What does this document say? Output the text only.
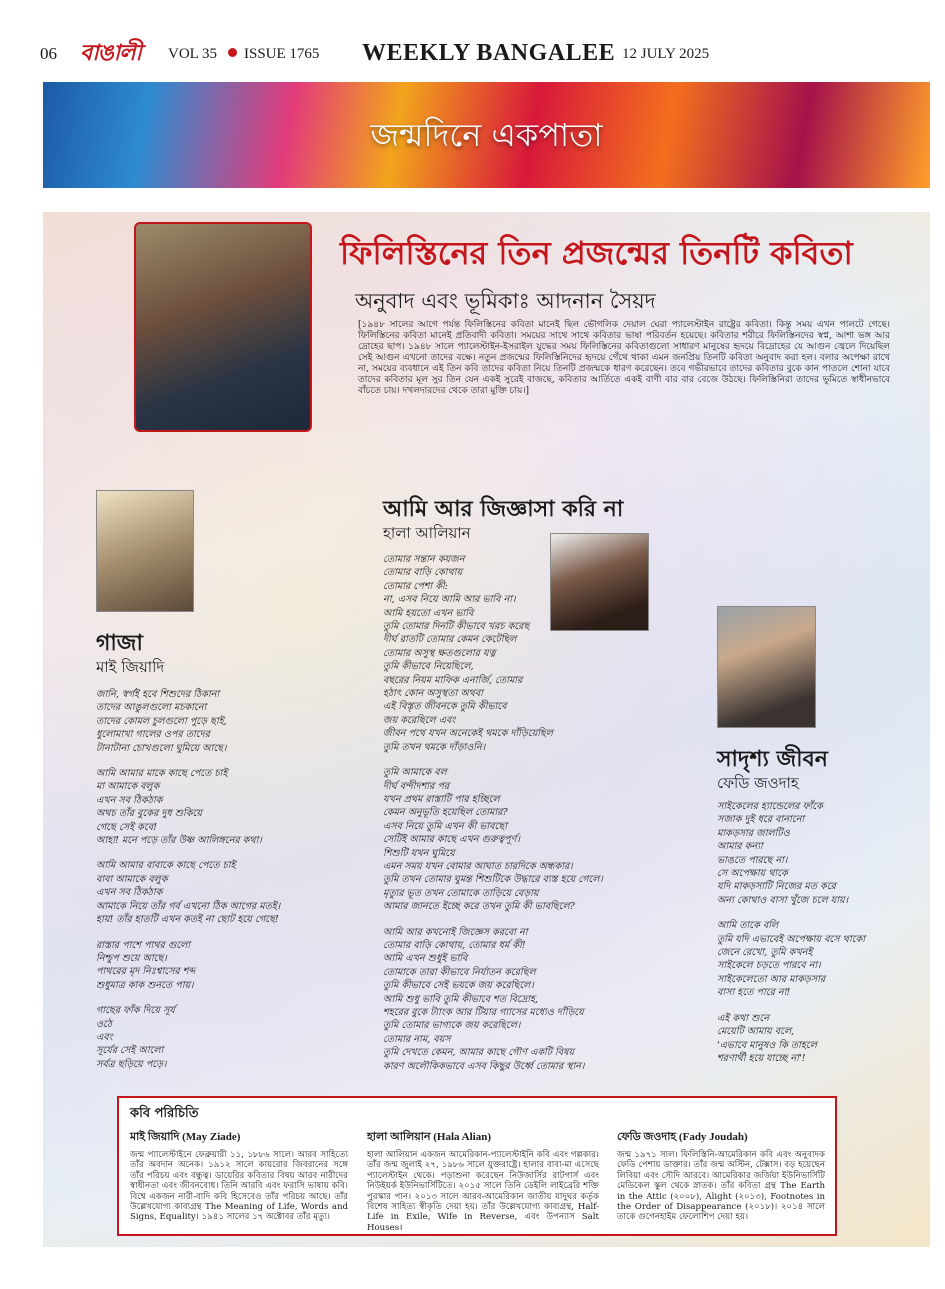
06 বাঙালী	VOL 35 ISSUE 1765 WEEKLY BANGALEE 12 JULY 2025
জন্মদিনে একপাতা
ফিলিস্তিনের তিন প্রজন্মের তিনটি কবিতা
অনুবাদ এবং ভূমিকাঃ আদনান সৈয়দ
[১৯৪৮ সালের আগে পর্যন্ত ফিলিস্তিনের কবিতা মানেই ছিল ভৌগলিক দেয়াল ঘেরা প্যালেস্টাইন রাষ্ট্রের কবিতা। কিন্তু সময় এখন পালটে গেছে। ফিলিস্তিনের কবিতা মানেই প্রতিবাদী কবিতা। সময়ের সাথে সাথে কবিতার ভাষা পরিবর্তন হয়েছে। কবিতার শরীরে ফিলিস্তিনদের স্বপ্ন, আশা ভঙ্গ আর দ্রোহের ছাপ। ১৯৪৮ সালে প্যালেস্টাইন-ইসরাইল যুদ্ধের সময় ফিলিস্তিনের কবিতাগুলো সাধারণ মানুষের হৃদয়ে বিদ্রোহের যে আগুন জ্বেলে দিয়েছিল সেই আগুন এখনো তাদের বক্ষে। নতুন প্রজন্মের ফিলিস্তিনিদের হৃদয়ে গেঁথে থাকা এমন জনপ্রিয় তিনটি কবিতা অনুবাদ করা হল। বলার অপেক্ষা রাখে না, সময়ের ব্যবধানে এই তিন কবি তাদের কবিতা নিয়ে তিনটি প্রজন্মকে ধারণ করেছেন। তবে গভীরভাবে তাদের কবিতার বুকে কান পাতলে শোনা যাবে তাদের কবিতার মূল সুর তিন যেন একই সুরেই বাজছে, কবিতার আর্তিতে একই বাণী বার বার বেজে উঠছে। ফিলিস্তিনিরা তাদের ভূমিতে স্বাধীনভাবে বাঁচতে চায়। দখলদারদের থেকে তারা মুক্তি চায়।]
গাজা
মাই জিয়াদি
জানি, স্বর্গই হবে শিশুদের ঠিকানা
তাদের আঙুলগুলো মচকানো
তাদের কোমল চুলগুলো পুড়ে ছাই,
ধুলোমাখা গালের ওপর তাদের
টানাটানা চোখগুলো ঘুমিয়ে আছে।
আমি আমার মাকে কাছে পেতে চাই
মা আমাকে বলুক
এখন সব ঠিকঠাক
অথচ তাঁর বুকের দুধ শুকিয়ে
গেছে সেই কবে!
আহা! মনে পড়ে তাঁর উষ্ণ আলিঙ্গনের কথা।
আমি আমার বাবাকে কাছে পেতে চাই
বাবা আমাকে বলুক
এখন সব ঠিকঠাক
আমাকে নিয়ে তাঁর গর্ব এখনো ঠিক আগের মতই।
হায়! তাঁর হাতটি এখন কতই না ছোট হয়ে গেছে!
রাস্তার পাশে পাথর গুলো
নিশ্চুপ শুয়ে আছে।
পাথরের মৃদ নিঃশ্বাসের শব্দ
শুধুমাত্র কাক শুনতে পায়।
গাছের ফাঁক দিয়ে সূর্য
ওঠে
এবং
সূর্যের সেই আলো
সর্বত্র ছড়িয়ে পড়ে।
আমি আর জিজ্ঞাসা করি না
হালা আলিয়ান
তোমার সন্তান কয়জন
তোমার বাড়ি কোথায়
তোমার পেশা কী:
না, এসব নিয়ে আমি আর ভাবি না।
আমি হয়তো এখন ভাবি
তুমি তোমার দিনটি কীভাবে খরচ করেছ
দীর্ঘ রাতটি তোমার কেমন কেটেছিল
তোমার অসুস্থ ক্ষতগুলোর যত্ন
তুমি কীভাবে নিয়েছিলে,
বছরের নিয়ম মাফিক এনার্জি, তোমার
হঠাৎ কোন অসুস্থতা অথবা
এই বিস্তৃত জীবনকে তুমি কীভাবে
জয় করেছিলে এবং
জীবন পথে যখন অনেকেই থমকে দাঁড়িয়েছিল
তুমি তখন থমকে দাঁড়াওনি।
তুমি আমাকে বল
দীর্ঘ বন্দীদশার পর
যখন প্রথম রাস্তাটি পার হচ্ছিলে
কেমন অনুভূতি হয়েছিল তোমার?
এসব নিয়ে তুমি এখন কী ভাবছো
সেটিই আমার কাছে এখন গুরুত্বপূর্ণ।
শিশুটি যখন ঘুমিয়ে
এমন সময় যখন বোমার আঘাত চারদিকে অন্ধকার।
তুমি তখন তোমার ঘুমন্ত শিশুটিকে উদ্ধারে ব্যস্ত হয়ে গেলে।
মৃত্যুর ভূত তখন তোমাকে তাড়িয়ে বেড়ায়
আমার জানতে ইচ্ছে করে তখন তুমি কী ভাবছিলে?
আমি আর কখনোই জিজ্ঞেস করবো না
তোমার বাড়ি কোথায়, তোমার ধর্ম কী!
আমি এখন শুধুই ভাবি
তোমাকে তারা কীভাবে নির্যাতন করেছিল
তুমি কীভাবে সেই ভয়কে জয় করেছিলে।
আমি শুধু ভাবি তুমি কীভাবে শত বিদ্রোহ,
শহরের বুকে ট্যাংক আর টিয়ার গ্যাসের মধ্যেও দাঁড়িয়ে
তুমি তোমার ভাগ্যকে জয় করেছিলে।
তোমার নাম, বয়স
তুমি দেখতে কেমন, আমার কাছে গৌণ একটি বিষয়
কারণ অলৌকিকভাবে এসব কিছুর উর্ধ্বে তোমার স্থান।
সাদৃশ্য জীবন
ফেডি জওদাহ
সাইকেলের হ্যান্ডেলের ফাঁকে
সজাক দুই ধরে বানানো
মাকড়সার জালটিও
আমার কন্যা
ভাঙতে পারছে না।
সে অপেক্ষায় থাকে
যদি মাকড়সাটি নিজের মত করে
অন্য কোথাও বাসা খুঁজে চলে যায়।
আমি তাকে বলি
তুমি যদি এভাবেই অপেক্ষায় বসে থাকো
জেনে রেখো, তুমি কখনই
সাইকেলে চড়তে পারবে না।
সাইকেলেতো আর মাকড়সার
বাসা হতে পারে না!
এই কথা শুনে
মেয়েটি আমায় বলে,
'এভাবে মানুষও কি তাহলে
শরণার্থী হয়ে যাচ্ছে না'!
কবি পরিচিতি
মাই জিয়াদি (May Ziade)
জন্ম প্যালেস্টাইনে ফেব্রুয়ারী ১১, ১৮৮৬ সালে। আরব সাহিত্যে তাঁর অবদান অনেক। ১৯১২ সালে কায়রোর জিবরানের সঙ্গে তাঁর পরিচয় এবং বন্ধুত্ব। ডায়েরির কবিতার বিষয় আরব নারীদের স্বাধীনতা এবং জীবনবোধ। তিনি আরবি এবং ফরাসি ভাষায় কবি। বিশ্বে একজন নারী-বাদি কবি হিসেবেও তাঁর পরিচয় আছে। তাঁর উল্লেখযোগ্য কাব্যগ্রন্থ The Meaning of Life, Words and Signs, Equality। ১৯৪১ সালের ১৭ অক্টোবর তাঁর মৃত্যু।
হালা আলিয়ান (Hala Alian)
হালা আলিয়ান একজন আমেরিকান-প্যালেস্টাইনি কবি এবং গল্পকার। তাঁর জন্ম জুলাই ২৭, ১৯৮৬ সালে যুক্তরাষ্ট্রে। হালার বাবা-মা এসেছে প্যালেস্টাইন থেকে। পড়াশুনা করেছেন নিউজার্সির রাটগার্স এবং নিউইয়র্ক ইউনিভার্সিটিতে। ২০১৫ সালে তিনি ডেইলি লাইব্রেরি শক্তি পুরস্কার পান। ২০১৩ সালে আরব-আমেরিকান জাতীয় যাদুঘর কর্তৃক বিশেষ সাহিত্য স্বীকৃতি দেয়া হয়। তাঁর উল্লেখযোগ্য কাব্যগ্রন্থ, Half-Life in Exile, Wife in Reverse, এবং উপন্যাস Salt Houses।
ফেডি জওদাহ (Fady Joudah)
জন্ম ১৯৭১ সাল। ফিলিস্তিনি-আমেরিকান কবি এবং অনুবাদক ফেডি পেশায় ডাক্তার। তাঁর জন্ম অস্টিন, টেক্সাস। বড় হয়েছেন লিবিয়া এবং সৌদি আরবে। আমেরিকার জর্জিয়া ইউনিভার্সিটি মেডিকেল স্কুল থেকে স্নাতক। তাঁর কবিতা গ্রন্থ The Earth in the Attic (২০০৮), Alight (২০১৩), Footnotes in the Order of Disappearance (২০১৮)। ২০১৪ সালে তাকে গুগেনহাইম ফেলোশিপ দেয়া হয়।
